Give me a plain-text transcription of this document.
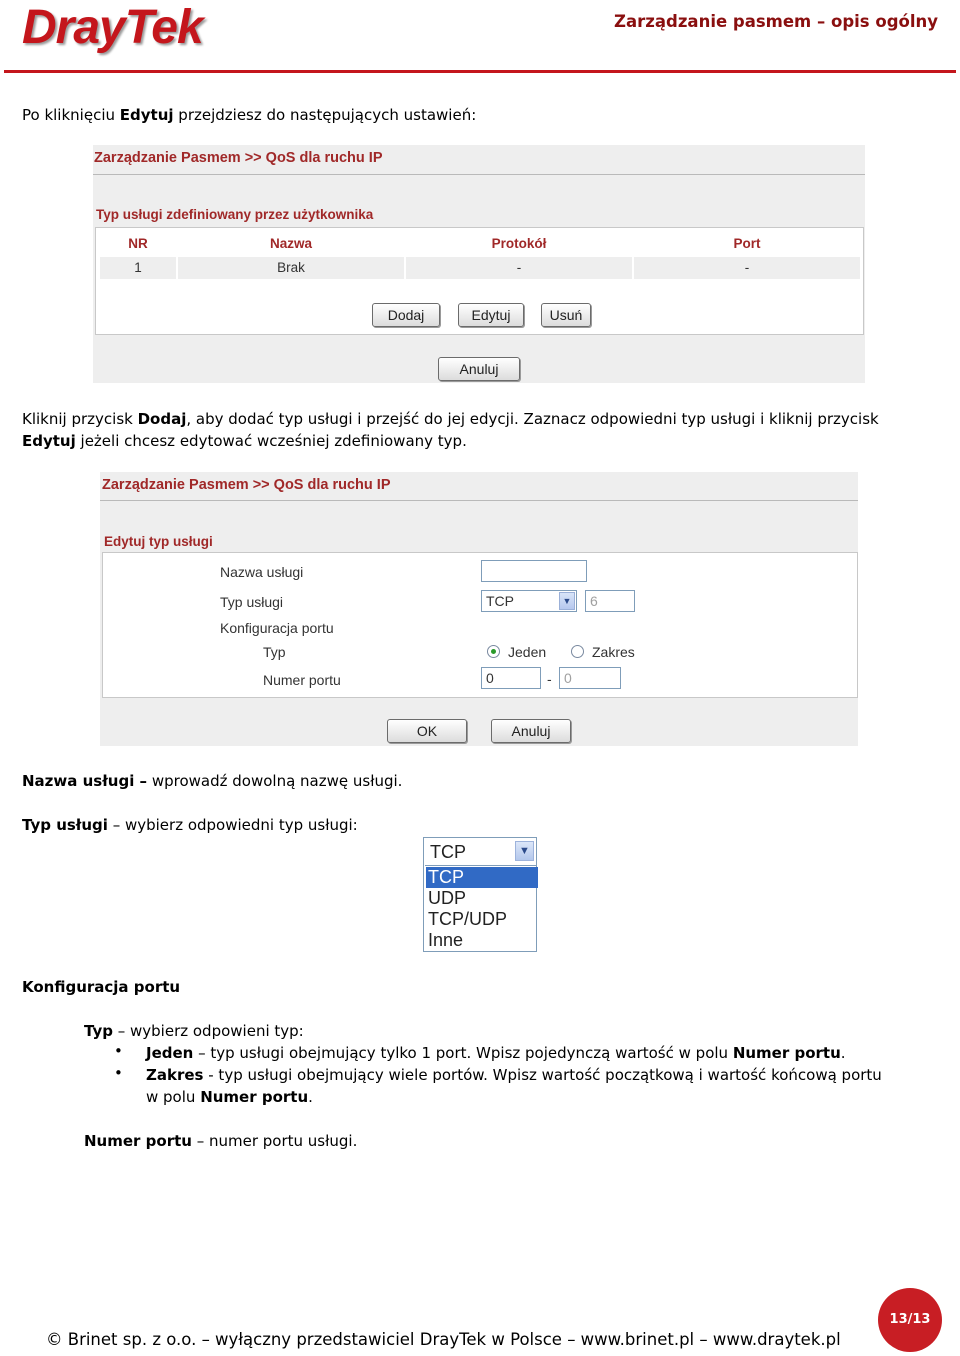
DrayTek	Zarządzanie pasmem – opis ogólny
Po kliknięciu Edytuj przejdziesz do następujących ustawień:
Zarządzanie Pasmem >> QoS dla ruchu IP
Typ usługi zdefiniowany przez użytkownika
NR	Nazwa	Protokół	Port
1	Brak	-	-
Dodaj	Edytuj	Usuń
Anuluj
Kliknij przycisk Dodaj, aby dodać typ usługi i przejść do jej edycji. Zaznacz odpowiedni typ usługi i kliknij przycisk
Edytuj jeżeli chcesz edytować wcześniej zdefiniowany typ.
Zarządzanie Pasmem >> QoS dla ruchu IP
Edytuj typ usługi
Nazwa usługi
Typ usługi	TCP	▼	6
Konfiguracja portu
Typ	Jeden	Zakres
Numer portu	0	- 0
OK	Anuluj
Nazwa usługi – wprowadź dowolną nazwę usługi.
Typ usługi – wybierz odpowiedni typ usługi:
TCP	▼
TCP
UDP
TCP/UDP
Inne
Konfiguracja portu
Typ – wybierz odpowieni typ:
• Jeden – typ usługi obejmujący tylko 1 port. Wpisz pojedynczą wartość w polu Numer portu.
• Zakres - typ usługi obejmujący wiele portów. Wpisz wartość początkową i wartość końcową portu
w polu Numer portu.
Numer portu – numer portu usługi.
© Brinet sp. z o.o. – wyłączny przedstawiciel DrayTek w Polsce – www.brinet.pl – www.draytek.pl
13/13
